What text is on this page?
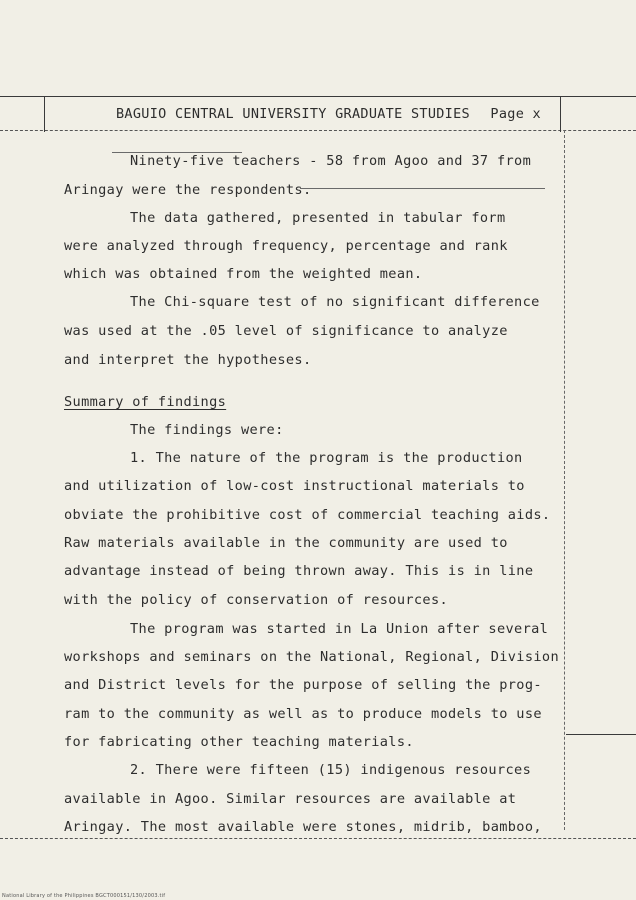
BAGUIO CENTRAL UNIVERSITY GRADUATE STUDIES Page x
Ninety-five teachers - 58 from Agoo and 37 from
Aringay were the respondents.
The data gathered, presented in tabular form
were analyzed through frequency, percentage and rank
which was obtained from the weighted mean.
The Chi-square test of no significant difference
was used at the .05 level of significance to analyze
and interpret the hypotheses.
Summary of findings
The findings were:
1. The nature of the program is the production
and utilization of low-cost instructional materials to
obviate the prohibitive cost of commercial teaching aids.
Raw materials available in the community are used to
advantage instead of being thrown away. This is in line
with the policy of conservation of resources.
The program was started in La Union after several
workshops and seminars on the National, Regional, Division
and District levels for the purpose of selling the prog-
ram to the community as well as to produce models to use
for fabricating other teaching materials.
2. There were fifteen (15) indigenous resources
available in Agoo. Similar resources are available at
Aringay. The most available were stones, midrib, bamboo,
National Library of the Philippines BGCT000151/130/2003.tif
